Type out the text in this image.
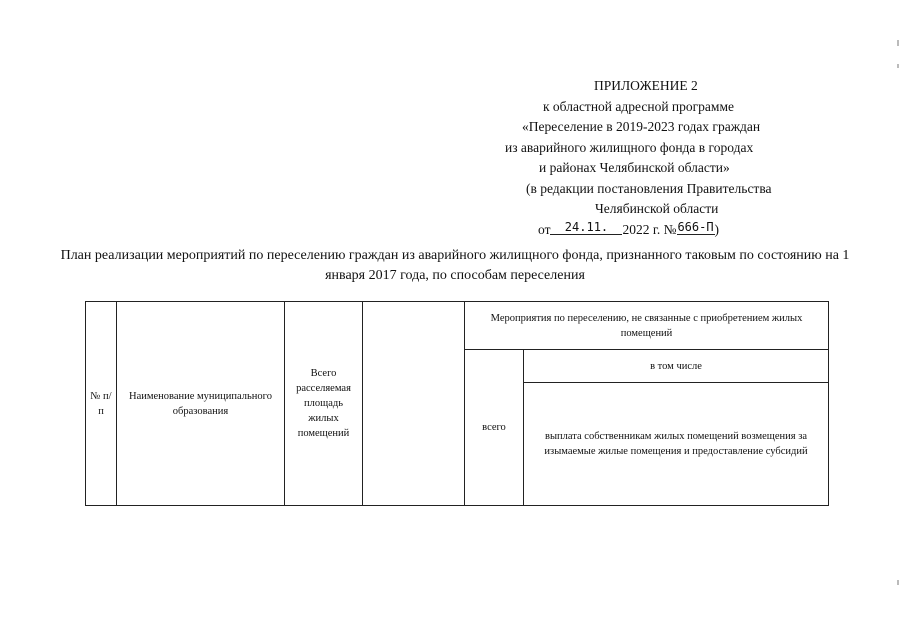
ПРИЛОЖЕНИЕ 2
к областной адресной программе
«Переселение в 2019-2023 годах граждан
из аварийного жилищного фонда в городах
и районах Челябинской области»
(в редакции постановления Правительства
Челябинской области
от 24.11. 2022 г. №666-П)
План реализации мероприятий по переселению граждан из аварийного жилищного фонда, признанного таковым по состоянию на 1 января 2017 года, по способам переселения
№ п/п	Наименование муниципального образования	Всего расселяемая площадь жилых помещений		Мероприятия по переселению, не связанные с приобретением жилых помещений	
				всего	в том числе
					выплата собственникам жилых помещений возмещения за изымаемые жилые помещения и предоставление субсидий
